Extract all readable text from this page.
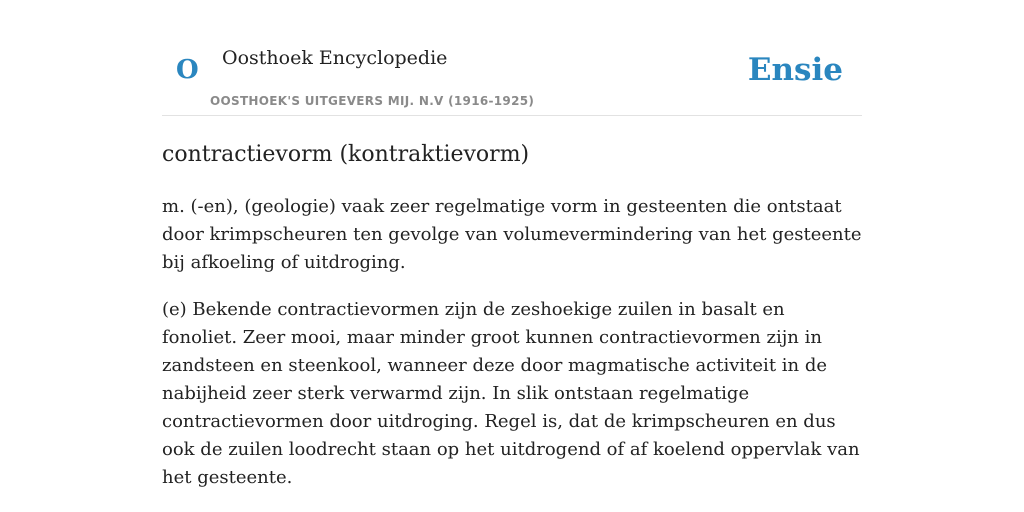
O Oosthoek Encyclopedie
OOSTHOEK'S UITGEVERS MIJ. N.V (1916-1925)
Ensie
contractievorm (kontraktievorm)

m. (-en), (geologie) vaak zeer regelmatige vorm in gesteenten die ontstaat door krimpscheuren ten gevolge van volumevermindering van het gesteente bij afkoeling of uitdroging.

(e) Bekende contractievormen zijn de zeshoekige zuilen in basalt en fonoliet. Zeer mooi, maar minder groot kunnen contractievormen zijn in zandsteen en steenkool, wanneer deze door magmatische activiteit in de nabijheid zeer sterk verwarmd zijn. In slik ontstaan regelmatige contractievormen door uitdroging. Regel is, dat de krimpscheuren en dus ook de zuilen loodrecht staan op het uitdrogend of af koelend oppervlak van het gesteente.
